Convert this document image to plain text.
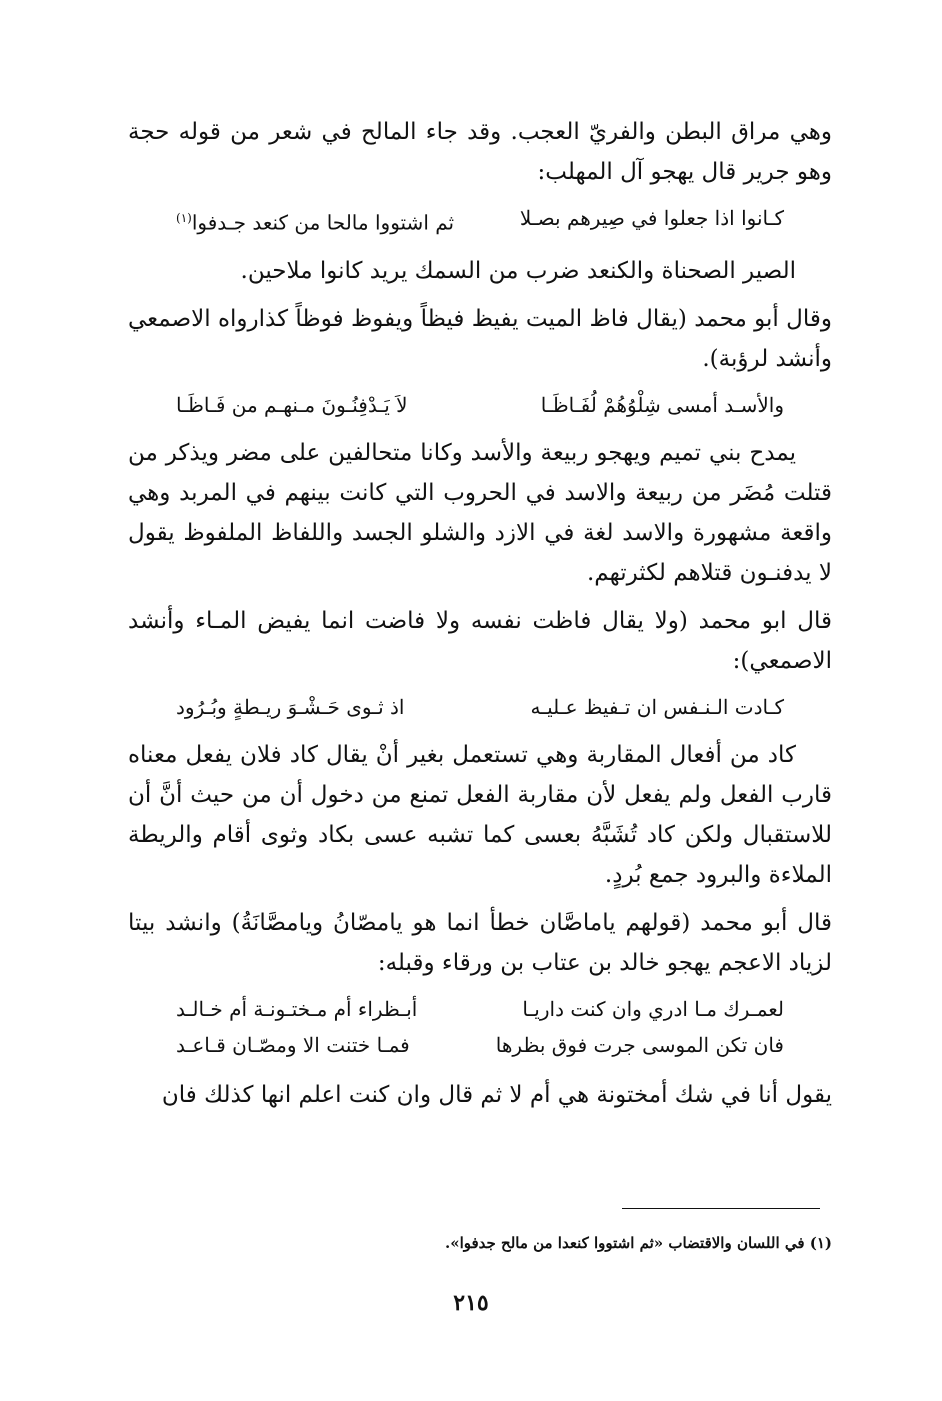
وهي مراق البطن والفريّ العجب. وقد جاء المالح في شعر من قوله حجة وهو جرير قال يهجو آل المهلب:

كـانوا اذا جعلوا في صِيرهم بصـلا
ثم اشتووا مالحا من كنعد جـدفوا$^{(١)}$

الصير الصحناة والكنعد ضرب من السمك يريد كانوا ملاحين.

وقال أبو محمد (يقال فاظ الميت يفيظ فيظاً ويفوظ فوظاً كذارواه الاصمعي وأنشد لرؤبة).

والأسـد أمسى شِلْوُهُمْ لُفَـاظَـا
لاَ يَـدْفِنُـونَ مـنهـم من فَـاظَـا

يمدح بني تميم ويهجو ربيعة والأسد وكانا متحالفين على مضر ويذكر من قتلت مُضَر من ربيعة والاسد في الحروب التي كانت بينهم في المربد وهي واقعة مشهورة والاسد لغة في الازد والشلو الجسد واللفاظ الملفوظ يقول لا يدفنـون قتلاهم لكثرتهم.

قال ابو محمد (ولا يقال فاظت نفسه ولا فاضت انما يفيض المـاء وأنشد الاصمعي):

كـادت الـنـفس ان تـفيظ عـليـه
اذ ثـوى حَـشْـوَ ريـطةٍ وبُـرُود

كاد من أفعال المقاربة وهي تستعمل بغير أنْ يقال كاد فلان يفعل معناه قارب الفعل ولم يفعل لأن مقاربة الفعل تمنع من دخول أن من حيث أنَّ أن للاستقبال ولكن كاد تُشَبَّهُ بعسى كما تشبه عسى بكاد وثوى أقام والريطة الملاءة والبرود جمع بُردٍ.

قال أبو محمد (قولهم ياماصَّان خطأ انما هو يامصّانُ ويامصَّانَةُ) وانشد بيتا لزياد الاعجم يهجو خالد بن عتاب بن ورقاء وقبله:

لعمـرك مـا ادري وان كنت داريـا
أبـظراء أم مـختـونـة أم خـالـد
فان تكن الموسى جرت فوق بظرها
فمـا ختنت الا ومصّـان قـاعـد

يقول أنا في شك أمختونة هي أم لا ثم قال وان كنت اعلم انها كذلك فان

(١) في اللسان والاقتضاب «ثم اشتووا كنعدا من مالح جدفوا».
٢١٥
